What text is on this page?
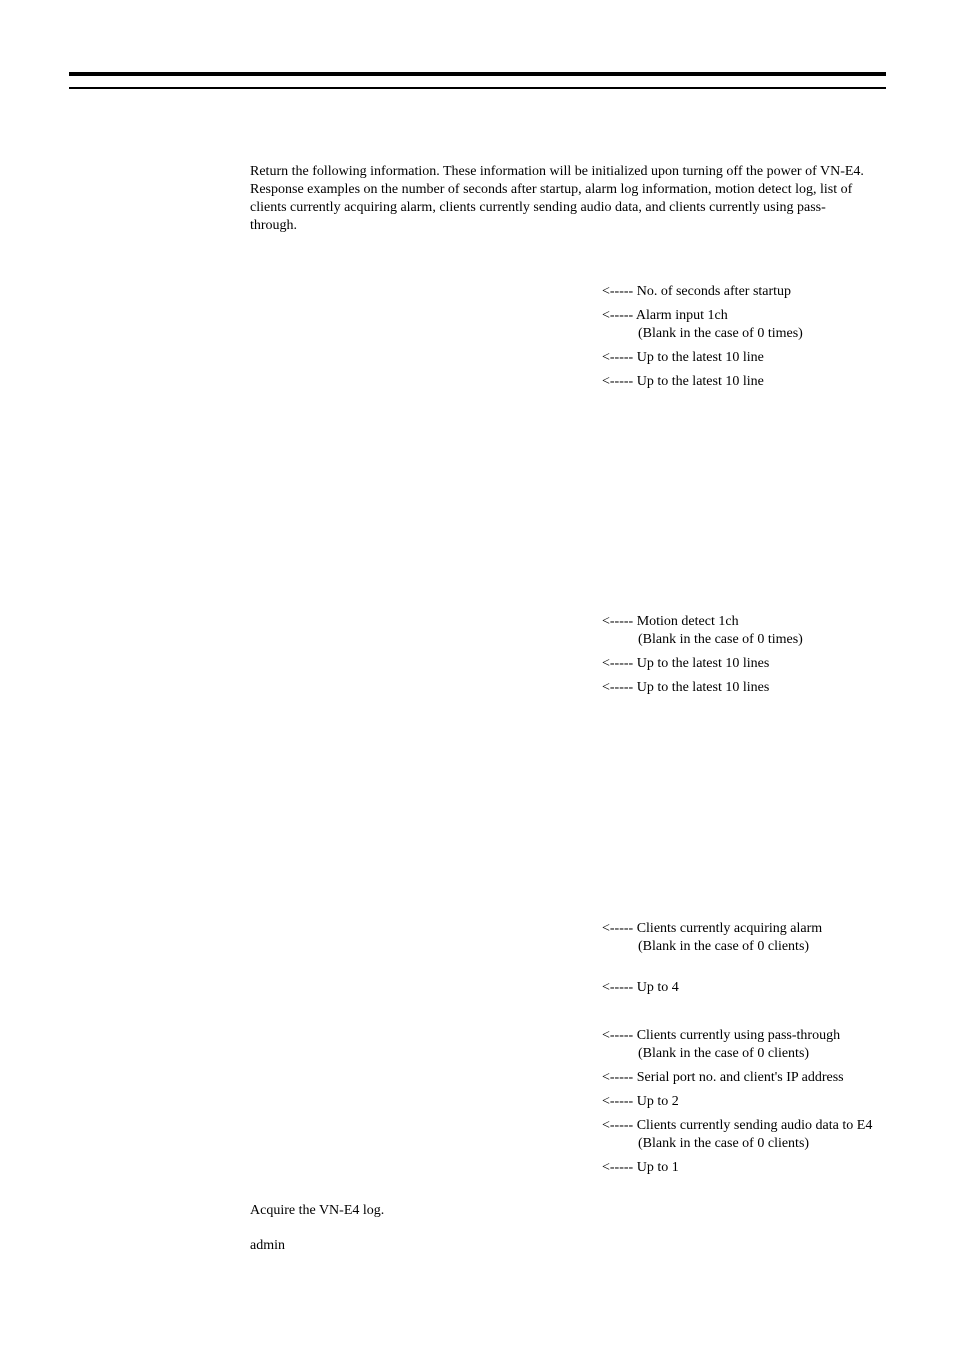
Return the following information. These information will be initialized upon turning off the power of VN-E4.
Response examples on the number of seconds after startup, alarm log information, motion detect log, list of
clients currently acquiring alarm, clients currently sending audio data, and clients currently using pass-
through.
<----- No. of seconds after startup
<----- Alarm input 1ch
(Blank in the case of 0 times)
<----- Up to the latest 10 line
<----- Up to the latest 10 line
<----- Motion detect 1ch
(Blank in the case of 0 times)
<----- Up to the latest 10 lines
<----- Up to the latest 10 lines
<----- Clients currently acquiring alarm
(Blank in the case of 0 clients)
<----- Up to 4
<----- Clients currently using pass-through
(Blank in the case of 0 clients)
<----- Serial port no. and client's IP address
<----- Up to 2
<----- Clients currently sending audio data to E4
(Blank in the case of 0 clients)
<----- Up to 1
Acquire the VN-E4 log.
admin
